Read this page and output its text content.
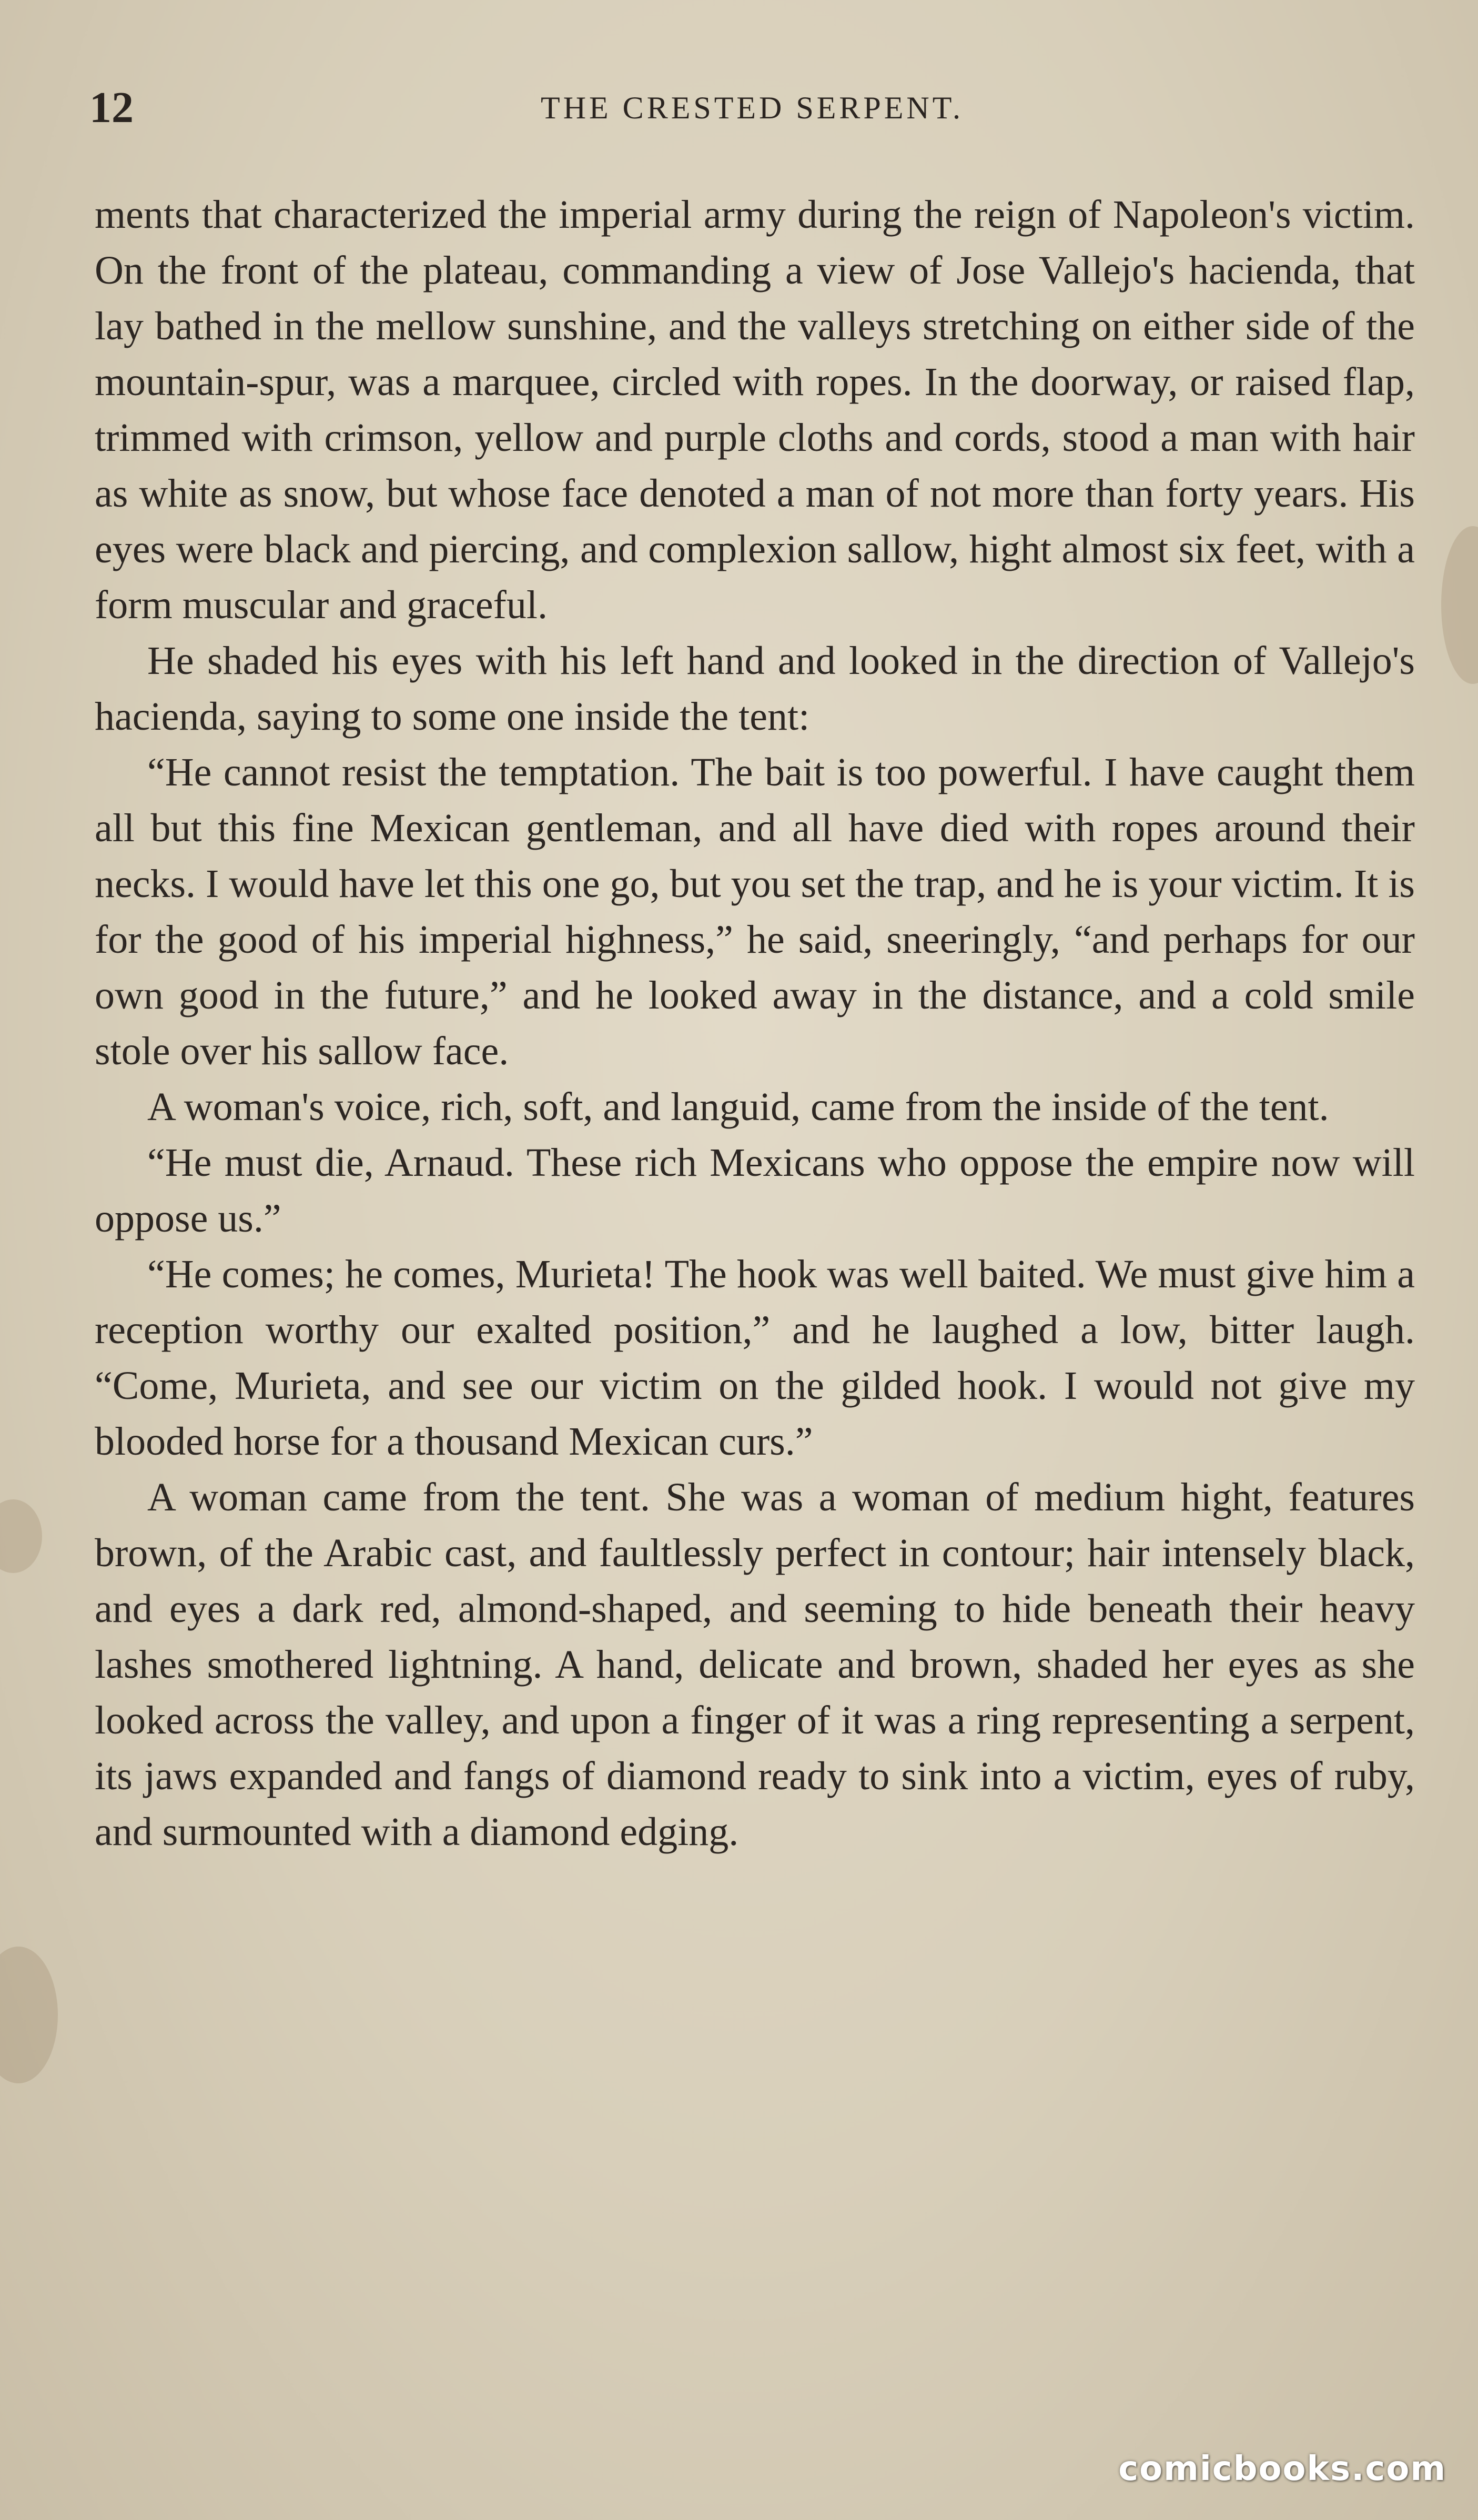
12	THE CRESTED SERPENT.

ments that characterized the imperial army during the reign of Napoleon's victim. On the front of the plateau, commanding a view of Jose Vallejo's hacienda, that lay bathed in the mellow sunshine, and the valleys stretching on either side of the mountain-spur, was a marquee, circled with ropes. In the doorway, or raised flap, trimmed with crimson, yellow and purple cloths and cords, stood a man with hair as white as snow, but whose face denoted a man of not more than forty years. His eyes were black and piercing, and complexion sallow, hight almost six feet, with a form muscular and graceful.

He shaded his eyes with his left hand and looked in the direction of Vallejo's hacienda, saying to some one inside the tent:

“He cannot resist the temptation. The bait is too powerful. I have caught them all but this fine Mexican gentleman, and all have died with ropes around their necks. I would have let this one go, but you set the trap, and he is your victim. It is for the good of his imperial highness,” he said, sneeringly, “and perhaps for our own good in the future,” and he looked away in the distance, and a cold smile stole over his sallow face.

A woman's voice, rich, soft, and languid, came from the inside of the tent.

“He must die, Arnaud. These rich Mexicans who oppose the empire now will oppose us.”

“He comes; he comes, Murieta! The hook was well baited. We must give him a reception worthy our exalted position,” and he laughed a low, bitter laugh. “Come, Murieta, and see our victim on the gilded hook. I would not give my blooded horse for a thousand Mexican curs.”

A woman came from the tent. She was a woman of medium hight, features brown, of the Arabic cast, and faultlessly perfect in contour; hair intensely black, and eyes a dark red, almond-shaped, and seeming to hide beneath their heavy lashes smothered lightning. A hand, delicate and brown, shaded her eyes as she looked across the valley, and upon a finger of it was a ring representing a serpent, its jaws expanded and fangs of diamond ready to sink into a victim, eyes of ruby, and surmounted with a diamond edging.

comicbooks.com
